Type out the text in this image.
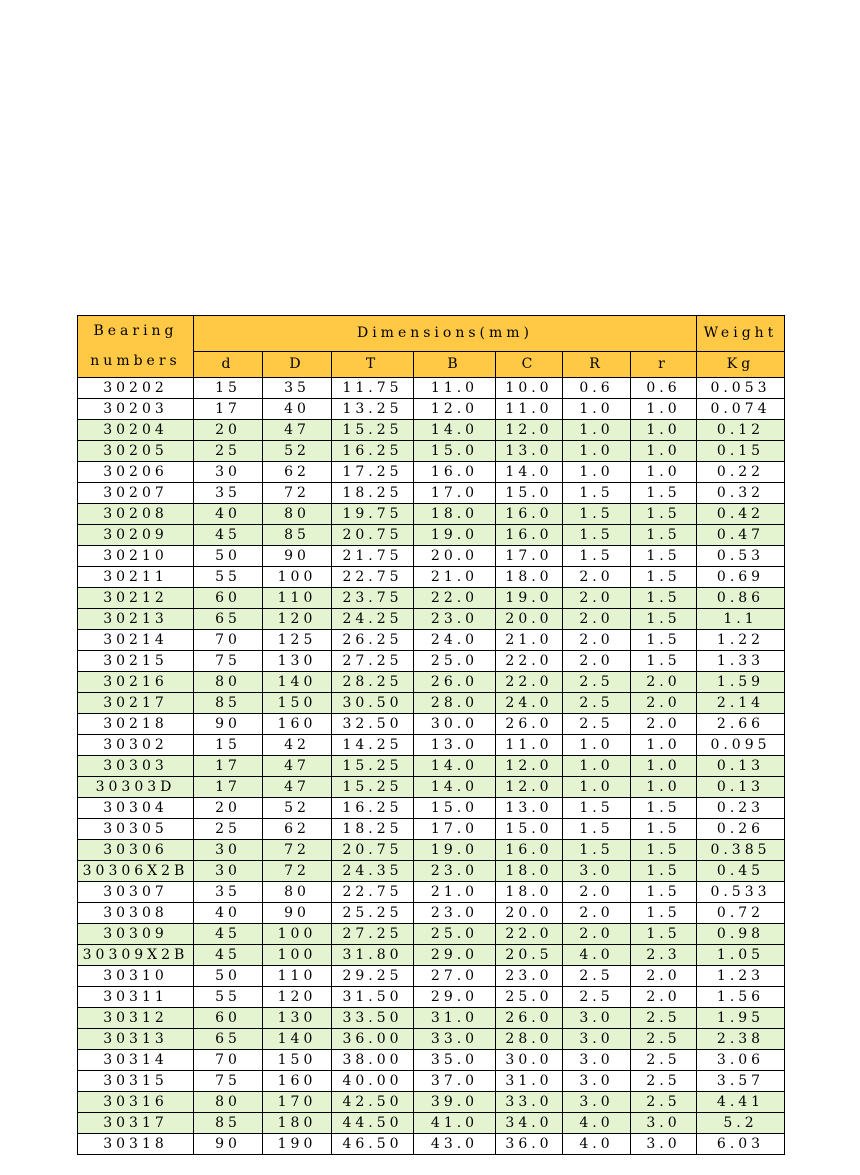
Bearing
numbers	Dimensions(mm)							Weight
	d	D	T	B	C	R	r	Kg
30202	15	35	11.75	11.0	10.0	0.6	0.6	0.053
30203	17	40	13.25	12.0	11.0	1.0	1.0	0.074
30204	20	47	15.25	14.0	12.0	1.0	1.0	0.12
30205	25	52	16.25	15.0	13.0	1.0	1.0	0.15
30206	30	62	17.25	16.0	14.0	1.0	1.0	0.22
30207	35	72	18.25	17.0	15.0	1.5	1.5	0.32
30208	40	80	19.75	18.0	16.0	1.5	1.5	0.42
30209	45	85	20.75	19.0	16.0	1.5	1.5	0.47
30210	50	90	21.75	20.0	17.0	1.5	1.5	0.53
30211	55	100	22.75	21.0	18.0	2.0	1.5	0.69
30212	60	110	23.75	22.0	19.0	2.0	1.5	0.86
30213	65	120	24.25	23.0	20.0	2.0	1.5	1.1
30214	70	125	26.25	24.0	21.0	2.0	1.5	1.22
30215	75	130	27.25	25.0	22.0	2.0	1.5	1.33
30216	80	140	28.25	26.0	22.0	2.5	2.0	1.59
30217	85	150	30.50	28.0	24.0	2.5	2.0	2.14
30218	90	160	32.50	30.0	26.0	2.5	2.0	2.66
30302	15	42	14.25	13.0	11.0	1.0	1.0	0.095
30303	17	47	15.25	14.0	12.0	1.0	1.0	0.13
30303D	17	47	15.25	14.0	12.0	1.0	1.0	0.13
30304	20	52	16.25	15.0	13.0	1.5	1.5	0.23
30305	25	62	18.25	17.0	15.0	1.5	1.5	0.26
30306	30	72	20.75	19.0	16.0	1.5	1.5	0.385
30306X2B	30	72	24.35	23.0	18.0	3.0	1.5	0.45
30307	35	80	22.75	21.0	18.0	2.0	1.5	0.533
30308	40	90	25.25	23.0	20.0	2.0	1.5	0.72
30309	45	100	27.25	25.0	22.0	2.0	1.5	0.98
30309X2B	45	100	31.80	29.0	20.5	4.0	2.3	1.05
30310	50	110	29.25	27.0	23.0	2.5	2.0	1.23
30311	55	120	31.50	29.0	25.0	2.5	2.0	1.56
30312	60	130	33.50	31.0	26.0	3.0	2.5	1.95
30313	65	140	36.00	33.0	28.0	3.0	2.5	2.38
30314	70	150	38.00	35.0	30.0	3.0	2.5	3.06
30315	75	160	40.00	37.0	31.0	3.0	2.5	3.57
30316	80	170	42.50	39.0	33.0	3.0	2.5	4.41
30317	85	180	44.50	41.0	34.0	4.0	3.0	5.2
30318	90	190	46.50	43.0	36.0	4.0	3.0	6.03
